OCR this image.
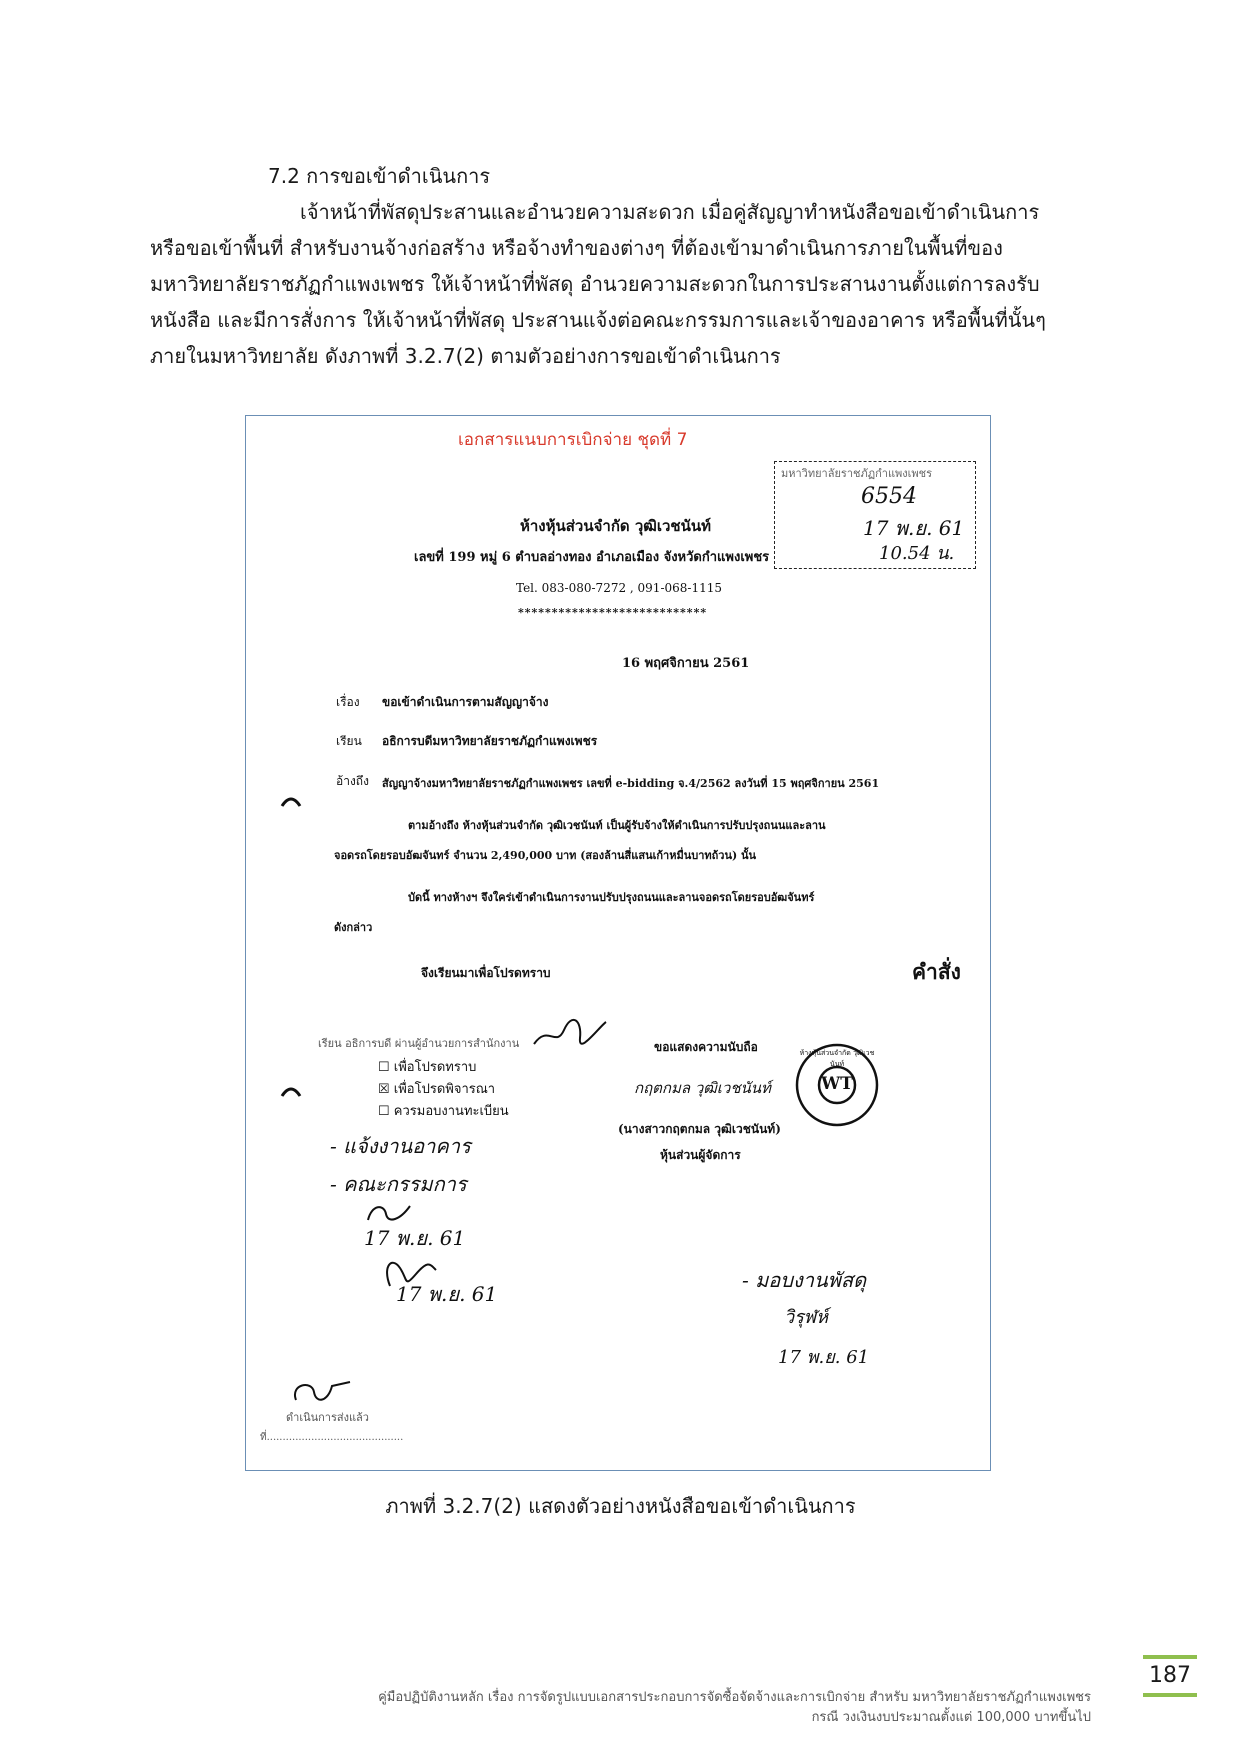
7.2 การขอเข้าดำเนินการ
เจ้าหน้าที่พัสดุประสานและอำนวยความสะดวก เมื่อคู่สัญญาทำหนังสือขอเข้าดำเนินการ
หรือขอเข้าพื้นที่ สำหรับงานจ้างก่อสร้าง หรือจ้างทำของต่างๆ ที่ต้องเข้ามาดำเนินการภายในพื้นที่ของ
มหาวิทยาลัยราชภัฏกำแพงเพชร ให้เจ้าหน้าที่พัสดุ อำนวยความสะดวกในการประสานงานตั้งแต่การลงรับ
หนังสือ และมีการสั่งการ ให้เจ้าหน้าที่พัสดุ ประสานแจ้งต่อคณะกรรมการและเจ้าของอาคาร หรือพื้นที่นั้นๆ
ภายในมหาวิทยาลัย ดังภาพที่ 3.2.7(2) ตามตัวอย่างการขอเข้าดำเนินการ
เอกสารแนบการเบิกจ่าย ชุดที่ 7
มหาวิทยาลัยราชภัฏกำแพงเพชร
6554
17 พ.ย. 61
10.54 น.
ห้างหุ้นส่วนจำกัด วุฒิเวชนันท์
เลขที่ 199 หมู่ 6 ตำบลอ่างทอง อำเภอเมือง จังหวัดกำแพงเพชร
Tel. 083-080-7272 , 091-068-1115
****************************
16 พฤศจิกายน 2561
เรื่อง ขอเข้าดำเนินการตามสัญญาจ้าง
เรียน อธิการบดีมหาวิทยาลัยราชภัฏกำแพงเพชร
อ้างถึง สัญญาจ้างมหาวิทยาลัยราชภัฏกำแพงเพชร เลขที่ e-bidding จ.4/2562 ลงวันที่ 15 พฤศจิกายน 2561
ตามอ้างถึง ห้างหุ้นส่วนจำกัด วุฒิเวชนันท์ เป็นผู้รับจ้างให้ดำเนินการปรับปรุงถนนและลาน
จอดรถโดยรอบอัฒจันทร์ จำนวน 2,490,000 บาท (สองล้านสี่แสนเก้าหมื่นบาทถ้วน) นั้น
บัดนี้ ทางห้างฯ จึงใคร่เข้าดำเนินการงานปรับปรุงถนนและลานจอดรถโดยรอบอัฒจันทร์
ดังกล่าว
จึงเรียนมาเพื่อโปรดทราบ	คำสั่ง
เรียน อธิการบดี ผ่านผู้อำนวยการสำนักงาน
☐ เพื่อโปรดทราบ
☒ เพื่อโปรดพิจารณา
☐ ควรมอบงานทะเบียน
- แจ้งงานอาคาร
- คณะกรรมการ
17 พ.ย. 61
17 พ.ย. 61
ขอแสดงความนับถือ
กฤตกมล วุฒิเวชนันท์
(นางสาวกฤตกมล วุฒิเวชนันท์)
หุ้นส่วนผู้จัดการ
WT
ห้างหุ้นส่วนจำกัด วุฒิเวชนันท์
- มอบงานพัสดุ
วิรุฬห์
17 พ.ย. 61
ดำเนินการส่งแล้ว
ที่...........................................
ภาพที่ 3.2.7(2) แสดงตัวอย่างหนังสือขอเข้าดำเนินการ
คู่มือปฏิบัติงานหลัก เรื่อง การจัดรูปแบบเอกสารประกอบการจัดซื้อจัดจ้างและการเบิกจ่าย สำหรับ มหาวิทยาลัยราชภัฏกำแพงเพชร
กรณี วงเงินงบประมาณตั้งแต่ 100,000 บาทขึ้นไป
187
